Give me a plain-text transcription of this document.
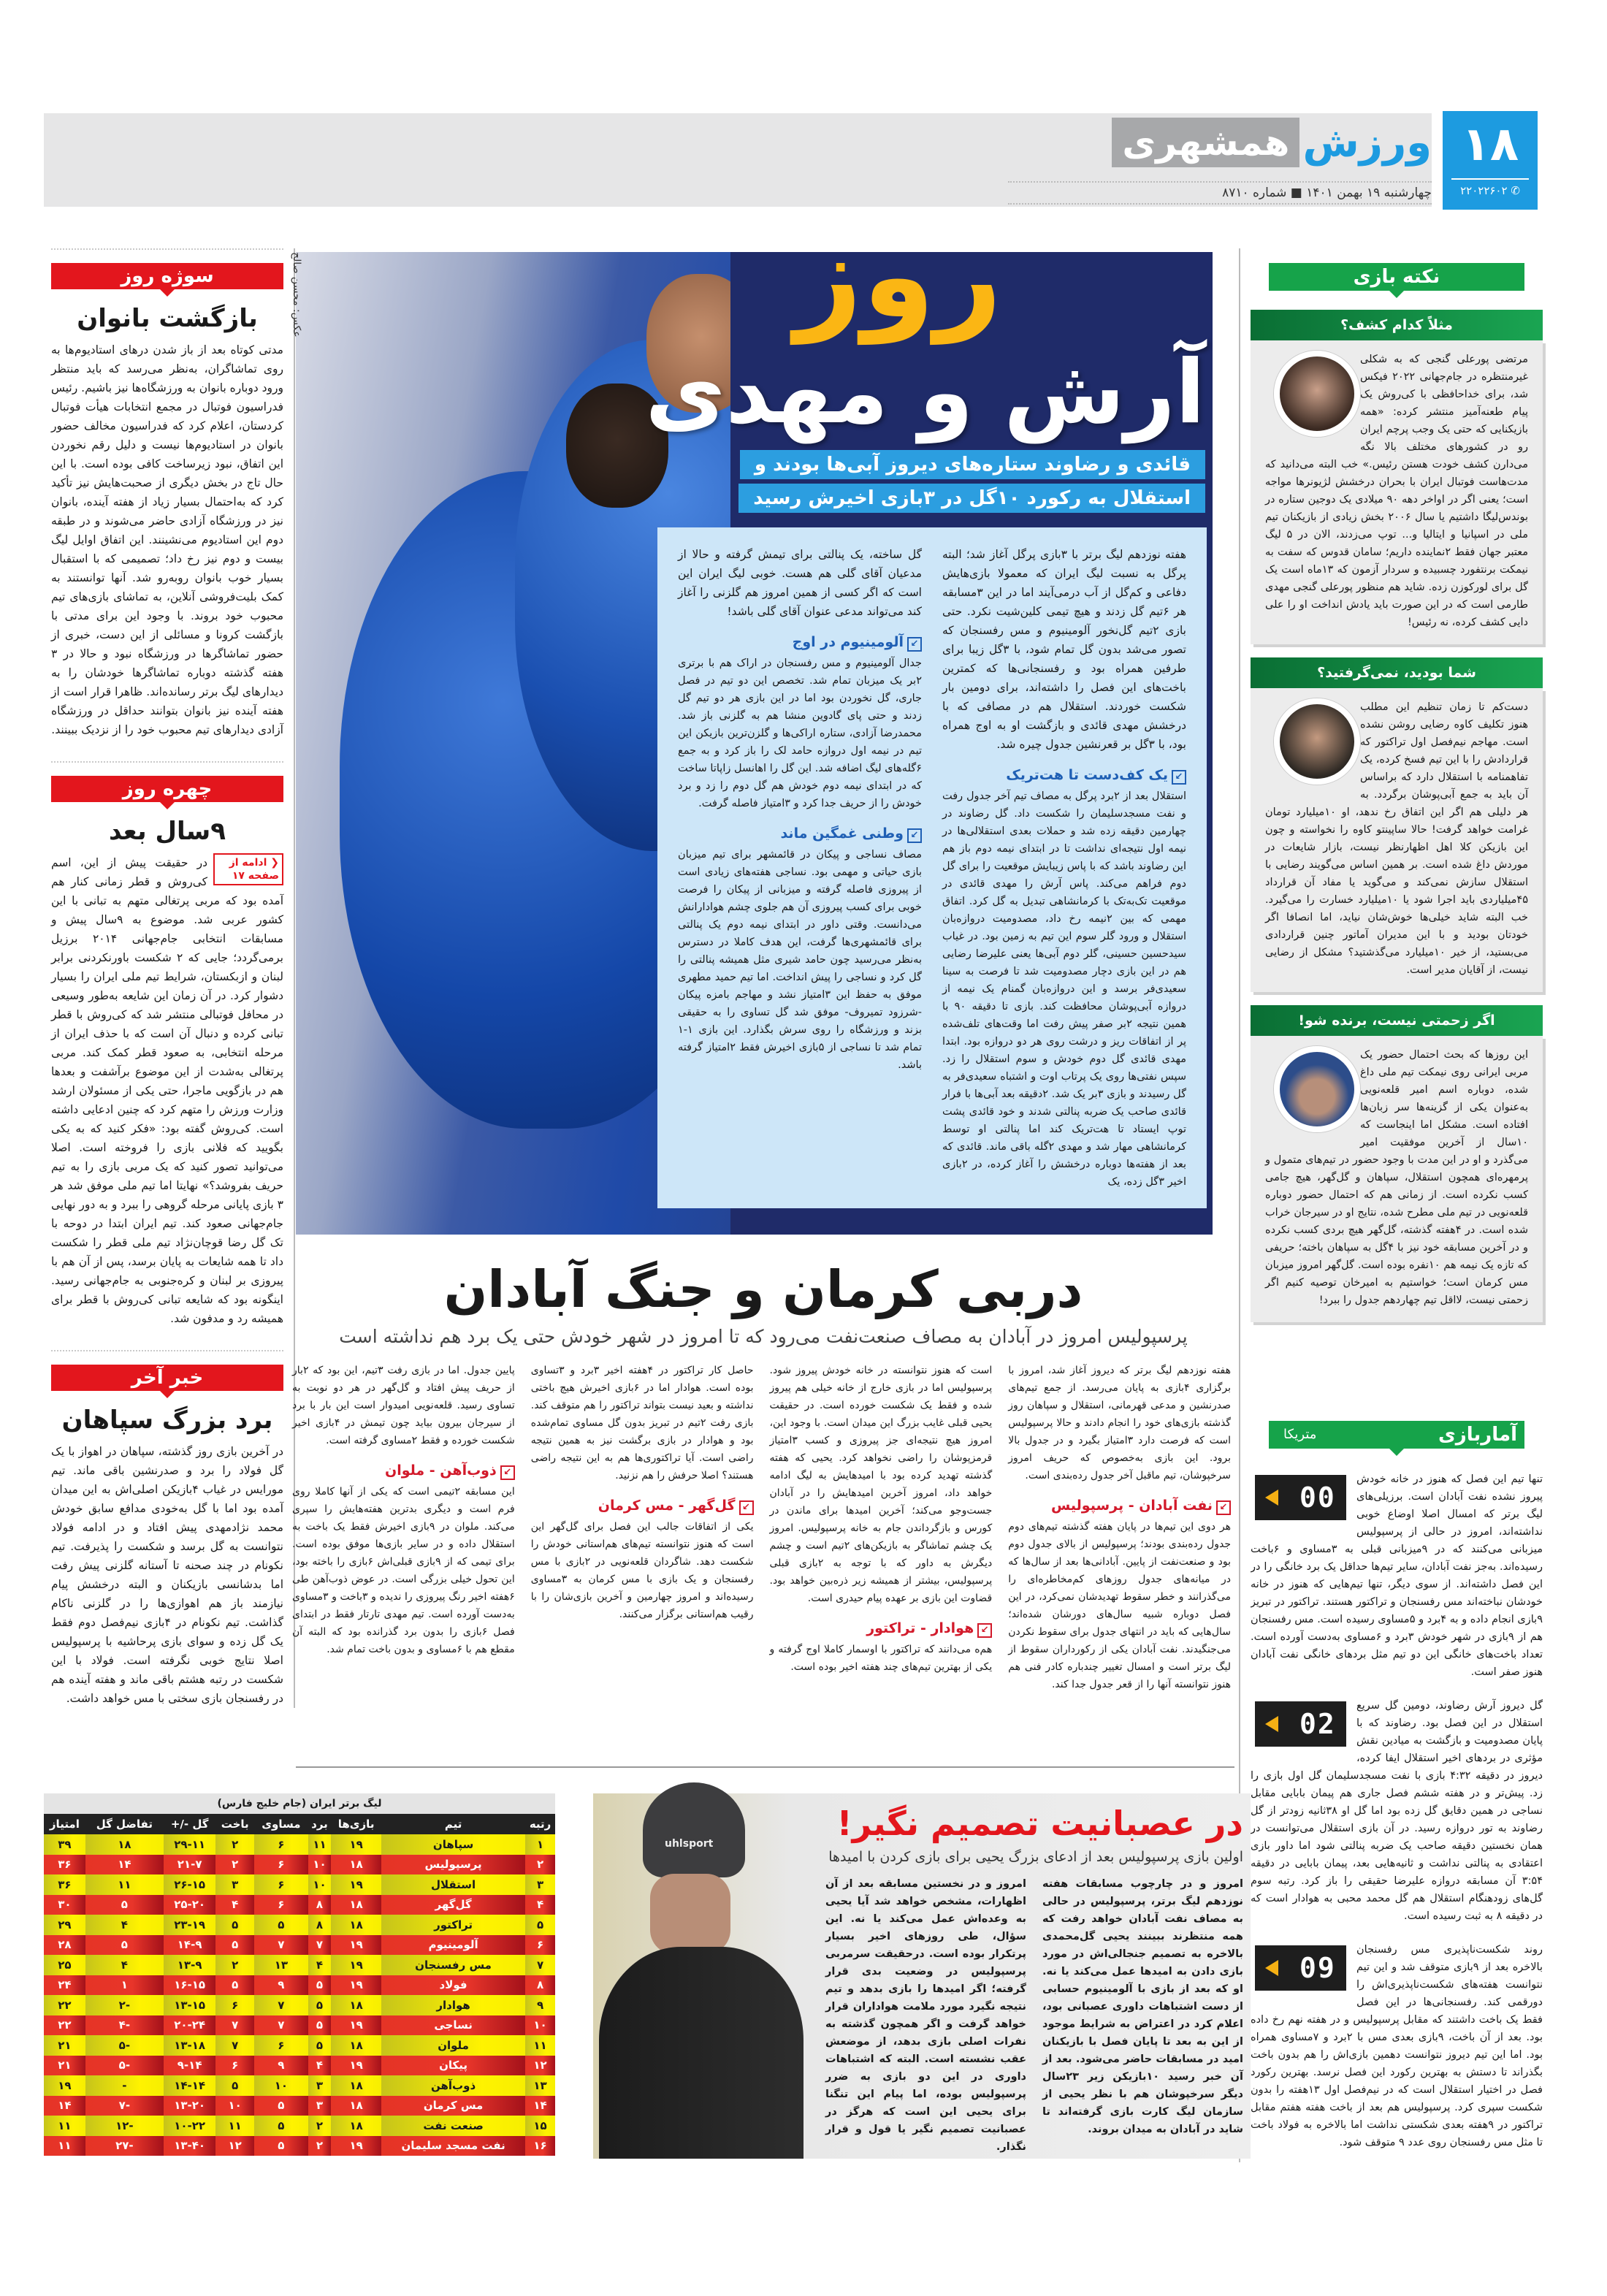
۱۸
✆ ۲۲۰۲۲۶۰۲
ورزش
همشهری
چهارشنبه ۱۹ بهمن ۱۴۰۱ ■ شماره ۸۷۱۰
سوژه روز
بازگشت بانوان

مدتی کوتاه بعد از باز شدن درهای استادیوم‌ها به روی تماشاگران، به‌نظر می‌رسد که باید منتظر ورود دوباره بانوان به ورزشگاه‌ها نیز باشیم. رئیس فدراسیون فوتبال در مجمع انتخابات هیأت فوتبال کردستان، اعلام کرد که فدراسیون مخالف حضور بانوان در استادیوم‌ها نیست و دلیل رقم نخوردن این اتفاق، نبود زیرساخت کافی بوده است. با این حال تاج در بخش دیگری از صحبت‌هایش نیز تأکید کرد که به‌احتمال بسیار زیاد از هفته آینده، بانوان نیز در ورزشگاه آزادی حاضر می‌شوند و در طبقه دوم این استادیوم می‌نشینند. این اتفاق اوایل لیگ بیست و دوم نیز رخ داد؛ تصمیمی که با استقبال بسیار خوب بانوان روبه‌رو شد. آنها توانستند به کمک بلیت‌فروشی آنلاین، به تماشای بازی‌های تیم محبوب خود بروند. با وجود این برای مدتی با بازگشت کرونا و مسائلی از این دست، خبری از حضور تماشاگرها در ورزشگاه نبود و حالا در ۳ هفته گذشته دوباره تماشاگرها خودشان را به دیدارهای لیگ برتر رسانده‌اند. ظاهرا قرار است از هفته آینده نیز بانوان بتوانند حداقل در ورزشگاه آزادی دیدارهای تیم محبوب خود را از نزدیک ببینند.

چهره روز
۹سال بعد
❮ ادامه از صفحه ۱۷

در حقیقت پیش از این، اسم کی‌روش و قطر زمانی کنار هم آمده بود که مربی پرتغالی متهم به تبانی با این کشور عربی شد. موضوع به ۹سال پیش و مسابقات انتخابی جام‌جهانی ۲۰۱۴ برزیل برمی‌گردد؛ جایی که ۲ شکست باورنکردنی برابر لبنان و ازبکستان، شرایط تیم ملی ایران را بسیار دشوار کرد. در آن زمان این شایعه به‌طور وسیعی در محافل فوتبالی منتشر شد که کی‌روش با قطر تبانی کرده و دنبال آن است که با حذف ایران از مرحله انتخابی، به صعود قطر کمک کند. مربی پرتغالی به‌شدت از این موضوع برآشفت و بعدها هم در بازگویی ماجرا، حتی یکی از مسئولان ارشد وزارت ورزش را متهم کرد که چنین ادعایی داشته است. کی‌روش گفته بود: «فکر کنید که به یکی بگویید که فلانی بازی را فروخته است. اصلا می‌توانید تصور کنید که یک مربی بازی را به تیم حریف بفروشد؟» نهایتا اما تیم ملی موفق شد هر ۳ بازی پایانی مرحله گروهی را ببرد و به دور نهایی جام‌جهانی صعود کند. تیم ایران ابتدا در دوحه با تک گل رضا قوچان‌نژاد تیم ملی قطر را شکست داد تا همه شایعات به پایان برسد، پس از آن هم با پیروزی بر لبنان و کره‌جنوبی به جام‌جهانی رسید. اینگونه بود که شایعه تبانی کی‌روش با قطر برای همیشه رد و مدفون شد.

خبر آخر
برد بزرگ سپاهان

در آخرین بازی روز گذشته، سپاهان در اهواز با یک گل فولاد را برد و صدرنشین باقی ماند. تیم مورایس در غیاب ۴بازیکن اصلی‌اش به این میدان آمده بود اما با گل به‌خودی مدافع سابق خودش محمد نژادمهدی پیش افتاد و در ادامه فولاد نتوانست به گل برسد و شکست را پذیرفت. تیم نکونام در چند صحنه تا آستانه گلزنی پیش رفت اما بدشانسی بازیکنان و البته درخشش پیام نیازمند باز هم اهوازی‌ها را در گلزنی ناکام گذاشت. تیم نکونام در ۴بازی نیم‌فصل دوم فقط یک گل زده و سوای بازی پرحاشیه با پرسپولیس اصلا نتایج خوبی نگرفته است. فولاد با این شکست در رتبه هشتم باقی ماند و هفته آینده هم در رفسنجان بازی سختی با مس خواهد داشت.

عکس: محسن صالح	روز
آرش و مهدی
قائدی و رضاوند ستاره‌های دیروز آبی‌ها بودند و
استقلال به رکورد ۱۰گل در ۳بازی اخیرش رسید

هفته نوزدهم لیگ برتر با ۳بازی پرگل آغاز شد؛ البته پرگل به نسبت لیگ ایران که معمولا بازی‌هایش دفاعی و کم‌گل از آب درمی‌آیند اما در این ۳مسابقه هر ۶تیم گل زدند و هیچ تیمی کلین‌شیت نکرد. حتی بازی ۲تیم گل‌نخور آلومینیوم و مس رفسنجان که تصور می‌شد بدون گل تمام شود، با ۳گل زیبا برای طرفین همراه بود و رفسنجانی‌ها که کمترین باخت‌های این فصل را داشته‌اند، برای دومین بار شکست خوردند. استقلال هم در مصافی که با درخشش مهدی قائدی و بازگشت او به اوج همراه بود، با ۳گل بر قعرنشین جدول چیره شد.

↙یک کف‌دست تا هت‌تریک

استقلال بعد از ۲برد پرگل به مصاف تیم آخر جدول رفت و نفت مسجدسلیمان را شکست داد. گل رضاوند در چهارمین دقیقه زده شد و حملات بعدی استقلالی‌ها در نیمه اول نتیجه‌ای نداشت تا در ابتدای نیمه دوم باز هم این رضاوند باشد که با پاس زیبایش موقعیت را برای گل دوم فراهم می‌کند. پاس آرش را مهدی قائدی در موقعیت تک‌به‌تک با کرمانشاهی تبدیل به گل کرد. اتفاق مهمی که بین ۲نیمه رخ داد، مصدومیت دروازه‌بان استقلال و ورود گلر سوم این تیم به زمین بود. در غیاب سیدحسین حسینی، گلر دوم آبی‌ها یعنی علیرضا رضایی هم در این بازی دچار مصدومیت شد تا فرصت به سینا سعیدی‌فر برسد و این دروازه‌بان گمنام یک نیمه از دروازه آبی‌پوشان محافظت کند. بازی تا دقیقه ۹۰ با همین نتیجه ۲بر صفر پیش رفت اما وقت‌های تلف‌شده پر از اتفاقات ریز و درشت روی هر دو دروازه بود. ابتدا مهدی قائدی گل دوم خودش و سوم استقلال را زد. سپس نفتی‌ها روی یک پرتاب اوت و اشتباه سعیدی‌فر به گل رسیدند و بازی ۳بر یک شد. ۲دقیقه بعد آبی‌ها با فرار قائدی صاحب یک ضربه پنالتی شدند و خود قائدی پشت توپ ایستاد تا هت‌تریک کند اما پنالتی او توسط کرمانشاهی مهار شد و مهدی ۲گله باقی ماند. قائدی که بعد از هفته‌ها دوباره درخشش را آغاز کرده، در ۲بازی اخیر ۳گل زده، یک

گل ساخته، یک پنالتی برای تیمش گرفته و حالا از مدعیان آقای گلی هم هست. خوبی لیگ ایران این است که اگر کسی از همین امروز هم گلزنی را آغاز کند می‌تواند مدعی عنوان آقای گلی باشد!

↙آلومینیوم در اوج

جدال آلومینیوم و مس رفسنجان در اراک هم با برتری ۲بر یک میزبان تمام شد. تخصص این دو تیم در فصل جاری، گل نخوردن بود اما در این بازی هر دو تیم گل زدند و حتی پای گادوین منشا هم به گلزنی باز شد. محمدرضا آزادی، ستاره اراکی‌ها و گلزن‌ترین بازیکن این تیم در نیمه اول دروازه حامد لک را باز کرد و به جمع ۶گله‌های لیگ اضافه شد. این گل را اهانسل زاپاتا ساخت که در ابتدای نیمه دوم خودش هم گل دوم را زد و برد خودش را از حریف جدا کرد و ۳امتیاز فاصله گرفت.

↙وطنی غمگین ماند

مصاف نساجی و پیکان در قائمشهر برای تیم میزبان بازی حیاتی و مهمی بود. نساجی هفته‌های زیادی است از پیروزی فاصله گرفته و میزبانی از پیکان را فرصت خوبی برای کسب پیروزی آن هم جلوی چشم هوادارانش می‌دانست. وقتی داور در ابتدای نیمه دوم یک پنالتی برای قائمشهری‌ها گرفت، این هدف کاملا در دسترس به‌نظر می‌رسید چون حامد شیری مثل همیشه پنالتی را گل کرد و نساجی را پیش انداخت. اما تیم حمید مطهری موفق به حفظ این ۳امتیاز نشد و مهاجم بامزه پیکان -شرزود تمیروف- موفق شد گل تساوی را به حقیقی بزند و ورزشگاه را روی سرش بگذارد. این بازی ۱-۱ تمام شد تا نساجی از ۵بازی اخیرش فقط ۲امتیاز گرفته باشد.

نکته بازی
مثلاً کدام کشف؟

مرتضی پورعلی گنجی که به شکلی غیرمنتظره در جام‌جهانی ۲۰۲۲ فیکس شد، برای خداحافظی با کی‌روش یک پیام طعنه‌آمیز منتشر کرده: «همه بازیکنایی که حتی یک وجب پرچم ایران رو در کشورهای مختلف بالا نگه می‌دارن کشف خودت هستن رئیس.» خب البته می‌دانید که مدت‌هاست فوتبال ایران با بحران درخشش لژیونرها مواجه است؛ یعنی اگر در اواخر دهه ۹۰ میلادی یک دوجین ستاره در بوندس‌لیگا داشتیم یا سال ۲۰۰۶ بخش زیادی از بازیکنان تیم ملی در اسپانیا و ایتالیا و... توپ می‌زدند، الان در ۵ لیگ معتبر جهان فقط ۲نماینده داریم؛ سامان قدوس که سفت به نیمکت برنتفورد چسبیده و سردار آزمون که ۱۳ماه است یک گل برای لورکوزن زده. شاید هم منظور پورعلی گنجی مهدی طارمی است که در این صورت باید یادش انداخت او را علی دایی کشف کرده، نه رئیس!

شما بودید، نمی‌گرفتید؟

دست‌کم تا زمان تنظیم این مطلب هنوز تکلیف کاوه رضایی روشن نشده است. مهاجم نیم‌فصل اول تراکتور که قراردادش را با این تیم فسخ کرده، یک تفاهمنامه با استقلال دارد که براساس آن باید به جمع آبی‌پوشان برگردد. به هر دلیلی هم اگر این اتفاق رخ ندهد، او ۱۰میلیارد تومان غرامت خواهد گرفت! حالا ساپینتو کاوه را نخواسته و چون این بازیکن کلا اهل اظهارنظر نیست، بازار شایعات در موردش داغ شده است. بر همین اساس می‌گویند رضایی با استقلال سازش نمی‌کند و می‌گوید یا مفاد آن قرارداد ۴۵میلیاردی باید اجرا شود یا ۱۰میلیارد خسارت را می‌گیرد. خب البته شاید خیلی‌ها خوش‌شان نیاید، اما انصافا اگر خودتان بودید و با این مدیران آماتور چنین قراردادی می‌بستید، از خیر ۱۰میلیارد می‌گذشتید؟ مشکل از رضایی نیست، از آقایان مدیر است.

اگر زحمتی نیست، برنده شو!

این روزها که بحث احتمال حضور یک مربی ایرانی روی نیمکت تیم ملی داغ شده، دوباره اسم امیر قلعه‌نویی به‌عنوان یکی از گزینه‌ها سر زبان‌ها افتاده است. مشکل اما اینجاست که ۱۰سال از آخرین موفقیت امیر می‌گذرد و او در این مدت با وجود حضور در تیم‌های متمول و پرمهره‌ای همچون استقلال، سپاهان و گل‌گهر، هیچ جامی کسب نکرده است. از زمانی هم که احتمال حضور دوباره قلعه‌نویی در تیم ملی مطرح شده، نتایج او در سیرجان خراب شده است. در ۴هفته گذشته، گل‌گهر هیچ بردی کسب نکرده و در آخرین مسابقه خود نیز با ۴گل به سپاهان باخته؛ حریفی که تازه یک نیمه هم ۱۰نفره بوده است. گل‌گهر امروز میزبان مس کرمان است؛ خواستیم به امیرخان توصیه کنیم اگر زحمتی نیست، لااقل تیم چهاردهم جدول را ببرد!

آماربازی
متریکا
00

تنها تیم این فصل که هنوز در خانه خودش پیروز نشده نفت آبادان است. برزیلی‌های لیگ برتر که امسال اصلا اوضاع خوبی نداشته‌اند، امروز در حالی از پرسپولیس میزبانی می‌کنند که در ۹میزبانی قبلی به ۳مساوی و ۶باخت رسیده‌اند. به‌جز نفت آبادان، سایر تیم‌ها حداقل یک برد خانگی را در این فصل داشته‌اند. از سوی دیگر، تنها تیم‌هایی که هنوز در خانه خودشان نباخته‌اند مس رفسنجان و تراکتور هستند. تراکتور در تبریز ۹بازی انجام داده و به ۴برد و ۵مساوی رسیده است. مس رفسنجان هم از ۹بازی در شهر خودش ۳برد و ۶مساوی به‌دست آورده است. تعداد باخت‌های خانگی این دو تیم مثل بردهای خانگی نفت آبادان هنوز صفر است.

02

گل دیروز آرش رضاوند، دومین گل سریع استقلال در این فصل بود. رضاوند که با پایان مصدومیت و بازگشت به میادین نقش مؤثری در بردهای اخیر استقلال ایفا کرده، دیروز در دقیقه ۴:۳۲ بازی با نفت مسجدسلیمان گل اول بازی را زد. پیش‌تر و در هفته ششم فصل جاری هم پیمان بابایی مقابل نساجی در همین دقایق گل زده بود اما گل او ۳۸ثانیه زودتر از گل رضاوند به تور دروازه رسید. در آن بازی استقلال می‌توانست در همان نخستین دقیقه صاحب یک ضربه پنالتی شود اما داور بازی اعتقادی به پنالتی نداشت و ثانیه‌هایی بعد، پیمان بابایی در دقیقه ۳:۵۴ آن مسابقه دروازه علیرضا حقیقی را باز کرد. رتبه سوم گل‌های زودهنگام استقلال هم گل محمد محبی به هوادار است که در دقیقه ۸ به ثبت رسیده است.

09

روند شکست‌ناپذیری مس رفسنجان بالاخره بعد از ۹بازی متوقف شد و این تیم نتوانست هفته‌های شکست‌ناپذیری‌اش را دورقمی کند. رفسنجانی‌ها در این فصل فقط یک باخت داشتند که مقابل پرسپولیس و در هفته نهم رخ داده بود. بعد از آن باخت، ۹بازی بعدی مس با ۲برد و ۷مساوی همراه بود. اما این تیم دیروز نتوانست دهمین بازی‌اش را هم بدون باخت بگذراند تا دستش به بهترین رکورد این فصل نرسد. بهترین رکورد فصل در اختیار استقلال است که در نیم‌فصل اول ۱۳هفته را بدون شکست سپری کرد. پرسپولیس هم بعد از باخت هفته هفتم مقابل تراکتور در ۹هفته بعدی شکستی نداشت اما بالاخره به فولاد باخت تا مثل مس رفسنجان روی عدد ۹ متوقف شود.

دربی کرمان و جنگ آبادان
پرسپولیس امروز در آبادان به مصاف صنعت‌نفت می‌رود که تا امروز در شهر خودش حتی یک برد هم نداشته است

هفته نوزدهم لیگ برتر که دیروز آغاز شد، امروز با برگزاری ۴بازی به پایان می‌رسد. از جمع تیم‌های صدرنشین و مدعی قهرمانی، استقلال و سپاهان روز گذشته بازی‌های خود را انجام دادند و حالا پرسپولیس است که فرصت دارد ۳امتیاز بگیرد و در جدول بالا برود. این بازی به‌خصوص که حریف امروز سرخپوشان، تیم ماقبل آخر جدول رده‌بندی است.

↙نفت آبادان - پرسپولیس

هر دوی این تیم‌ها در پایان هفته گذشته تیم‌های دوم جدول رده‌بندی بودند؛ پرسپولیس از بالای جدول دوم بود و صنعت‌نفت از پایین. آبادانی‌ها بعد از سال‌ها که در میانه‌های جدول روزهای کم‌مخاطره‌ای را می‌گذرانند و خطر سقوط تهدیدشان نمی‌کرد، در این فصل دوباره شبیه سال‌های دورشان شده‌اند؛ سال‌هایی که باید در انتهای جدول برای سقوط نکردن می‌جنگیدند. نفت آبادان یکی از رکورداران سقوط از لیگ برتر است و امسال تغییر چندباره کادر فنی هم هنوز نتوانسته آنها را از قعر جدول جدا کند.

است که هنوز نتوانسته در خانه خودش پیروز شود. پرسپولیس اما در بازی خارج از خانه خیلی هم پیروز شده و فقط یک شکست خورده است. در حقیقت یحیی قبلی غایب بزرگ این میدان است. با وجود این، امروز هیچ نتیجه‌ای جز پیروزی و کسب ۳امتیاز قرمزپوشان را راضی نخواهد کرد. یحیی که هفته گذشته تهدید کرده بود با امیدهایش به لیگ ادامه خواهد داد، امروز آخرین امیدهایش را در آبادان جست‌وجو می‌کند؛ آخرین امیدها برای ماندن در کورس و بازگرداندن جام به خانه پرسپولیس. امروز یک چشم تماشاگر به بازیکن‌های ۲تیم است و چشم دیگرش به داور که با توجه به ۲بازی قبلی پرسپولیس، بیشتر از همیشه زیر ذره‌بین خواهد بود. قضاوت این بازی بر عهده پیام حیدری است.

↙هوادار - تراکتور

هم‌ه می‌دانند که تراکتور با اوسمار کاملا اوج گرفته و یکی از بهترین تیم‌های چند هفته اخیر بوده است.

حاصل کار تراکتور در ۴هفته اخیر ۳برد و ۳تساوی بوده است. هوادار اما در ۶بازی اخیرش هیچ باختی نداشته و بعید نیست بتواند تراکتور را هم متوقف کند. بازی رفت ۲تیم در تبریز بدون گل مساوی تمام‌شده بود و هوادار در بازی برگشت نیز به همین نتیجه راضی است. آیا تراکتوری‌ها هم به این نتیجه راضی هستند؟ اصلا حرفش را هم نزنید.

↙گل‌گهر - مس کرمان

یکی از اتفاقات جالب این فصل برای گل‌گهر این است که هنوز نتوانسته تیم‌های هم‌استانی خودش را شکست دهد. شاگردان قلعه‌نویی در ۲بازی با مس رفسنجان و یک بازی با مس کرمان به ۳مساوی رسیده‌اند و امروز چهارمین و آخرین بازی‌شان را با رقیب هم‌استانی برگزار می‌کنند.

پایین جدول. اما در بازی رفت ۳تیم، این بود که ۲بار از حریف پیش افتاد و گل‌گهر در هر دو نوبت به تساوی رسید. قلعه‌نویی امیدوار است این بار با برد از سیرجان بیرون بیاید چون تیمش در ۴بازی اخیر شکست خورده و فقط ۲مساوی گرفته است.

↙ذوب‌آهن - ملوان

این مسابقه ۲تیمی است که یکی از آنها کاملا روی فرم است و دیگری بدترین هفته‌هایش را سپری می‌کند. ملوان در ۹بازی اخیرش فقط یک باخت به استقلال داده و در سایر بازی‌ها موفق بوده است. برای تیمی که از ۹بازی قبلی‌اش ۶بازی را باخته بود، این تحول خیلی بزرگی است. در عوض ذوب‌آهن طی ۶هفته اخیر رنگ پیروزی را ندیده و ۳باخت و ۳مساوی به‌دست آورده است. تیم مهدی تارتار فقط در ابتدای فصل ۶بازی را بدون برد گذرانده بود که البته آن مقطع هم با ۶مساوی و بدون باخت تمام شد.

لیگ برتر ایران (جام خلیج فارس)
رتبه	تیم	بازی‌ها	برد	مساوی	باخت	گل -/+	تفاضل گل	امتیاز
۱	سپاهان	۱۹	۱۱	۶	۲	۲۹-۱۱	۱۸	۳۹
۲	پرسپولیس	۱۸	۱۰	۶	۲	۲۱-۷	۱۴	۳۶
۳	استقلال	۱۹	۱۰	۶	۳	۲۶-۱۵	۱۱	۳۶
۴	گل‌گهر	۱۸	۸	۶	۴	۲۵-۲۰	۵	۳۰
۵	تراکتور	۱۸	۸	۵	۵	۲۳-۱۹	۴	۲۹
۶	آلومینیوم	۱۹	۷	۷	۵	۱۴-۹	۵	۲۸
۷	مس رفسنجان	۱۹	۴	۱۳	۲	۱۳-۹	۴	۲۵
۸	فولاد	۱۹	۵	۹	۵	۱۶-۱۵	۱	۲۴
۹	هوادار	۱۸	۵	۷	۶	۱۳-۱۵	-۲	۲۲
۱۰	نساجی	۱۹	۵	۷	۷	۲۰-۲۴	-۴	۲۲
۱۱	ملوان	۱۸	۵	۶	۷	۱۳-۱۸	-۵	۲۱
۱۲	پیکان	۱۹	۴	۹	۶	۹-۱۴	-۵	۲۱
۱۳	ذوب‌آهن	۱۸	۳	۱۰	۵	۱۴-۱۴	-	۱۹
۱۴	مس کرمان	۱۸	۳	۵	۱۰	۱۳-۲۰	-۷	۱۴
۱۵	صنعت نفت	۱۸	۲	۵	۱۱	۱۰-۲۲	-۱۲	۱۱
۱۶	نفت مسجد سلیمان	۱۹	۲	۵	۱۲	۱۳-۴۰	-۲۷	۱۱
uhlsport
در عصبانیت تصمیم نگیر!
اولین بازی پرسپولیس بعد از ادعای بزرگ یحیی برای بازی کردن با امیدها

امروز و در چارچوب مسابقات هفته نوزدهم لیگ برتر، پرسپولیس در حالی به مصاف نفت آبادان خواهد رفت که همه منتظرند ببینند یحیی گل‌محمدی بالاخره به تصمیم جنجالی‌اش در مورد بازی دادن به امیدها عمل می‌کند یا نه. او که بعد از بازی با آلومینیوم حسابی از دست اشتباهات داوری عصبانی بود، اعلام کرد در اعتراض به شرایط موجود از این به بعد تا پایان فصل با بازیکنان امید در مسابقات حاضر می‌شود. بعد از آن خبر رسید ۱۰بازیکن زیر ۲۳سال دیگر سرخپوشان هم با نظر یحیی از سازمان لیگ کارت بازی گرفته‌اند تا شاید در آبادان به میدان بروند.

امروز و در نخستین مسابقه بعد از آن اظهارات، مشخص خواهد شد آیا یحیی به وعده‌اش عمل می‌کند یا نه. این سؤال، طی روزهای اخیر بسیار پرتکرار بوده است. درحقیقت سرمربی پرسپولیس در وضعیت بدی قرار گرفته؛ اگر امیدها را بازی بدهد و تیم نتیجه نگیرد مورد ملامت هواداران قرار خواهد گرفت و اگر همچون گذشته به نفرات اصلی بازی بدهد، از موضعش عقب نشسته است. البته که اشتباهات داوری در این دو بازی به ضرر پرسپولیس بوده، اما پیام این تنگنا برای یحیی این است که هرگز در عصبانیت تصمیم نگیر یا قول و قرار نگذار.
